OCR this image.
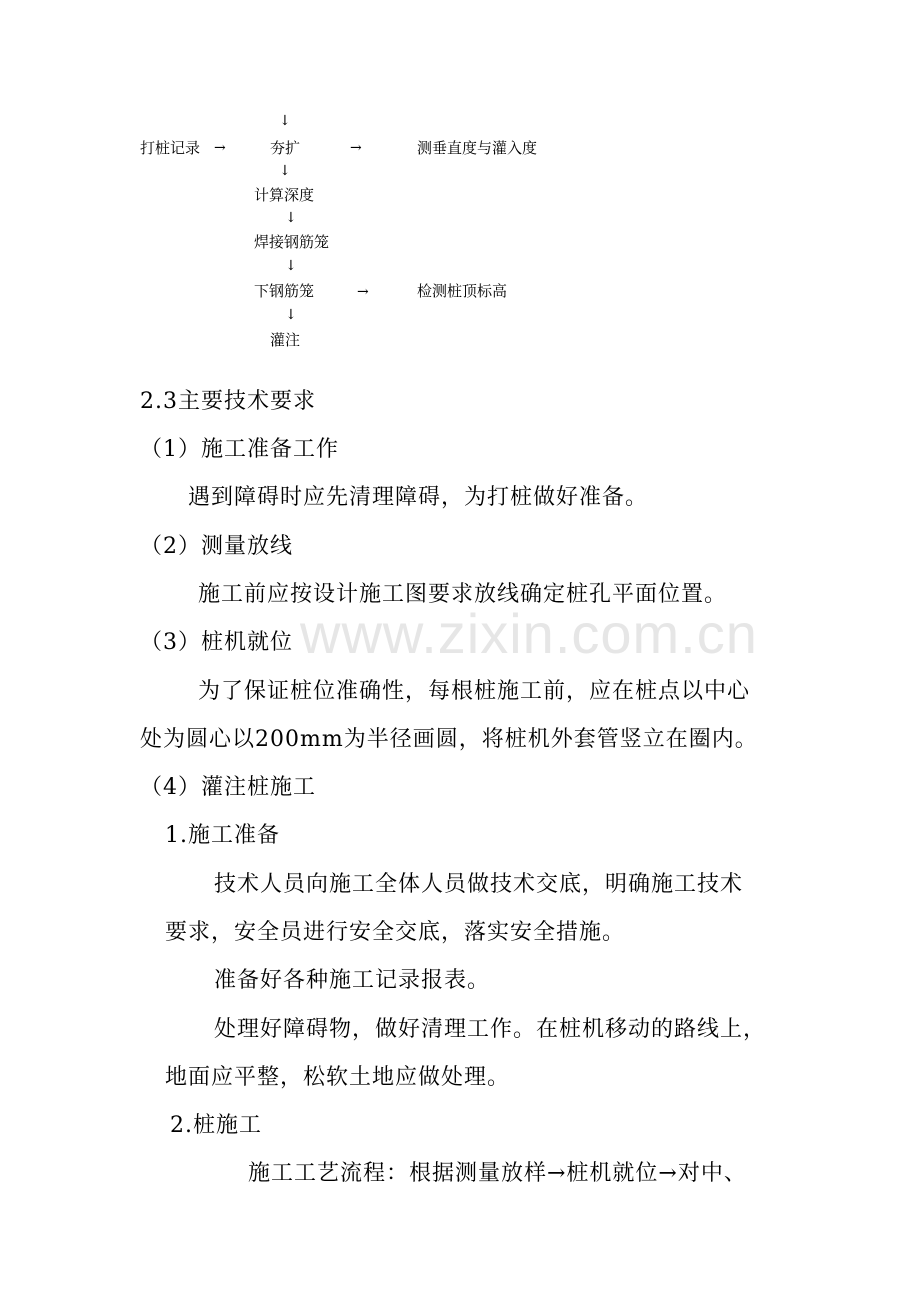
www.zixin.com.cn
↓
打桩记录 →	夯扩	→	测垂直度与灌入度
↓
计算深度
↓
焊接钢筋笼
↓
下钢筋笼	→	检测桩顶标高
↓
灌注
2.3主要技术要求
（1）施工准备工作
遇到障碍时应先清理障碍，为打桩做好准备。
（2）测量放线
施工前应按设计施工图要求放线确定桩孔平面位置。
（3）桩机就位
为了保证桩位准确性，每根桩施工前，应在桩点以中心
处为圆心以200mm为半径画圆，将桩机外套管竖立在圈内。
（4）灌注桩施工
1.施工准备
技术人员向施工全体人员做技术交底，明确施工技术
要求，安全员进行安全交底，落实安全措施。
准备好各种施工记录报表。
处理好障碍物，做好清理工作。在桩机移动的路线上，
地面应平整，松软土地应做处理。
2.桩施工
施工工艺流程：根据测量放样→桩机就位→对中、
